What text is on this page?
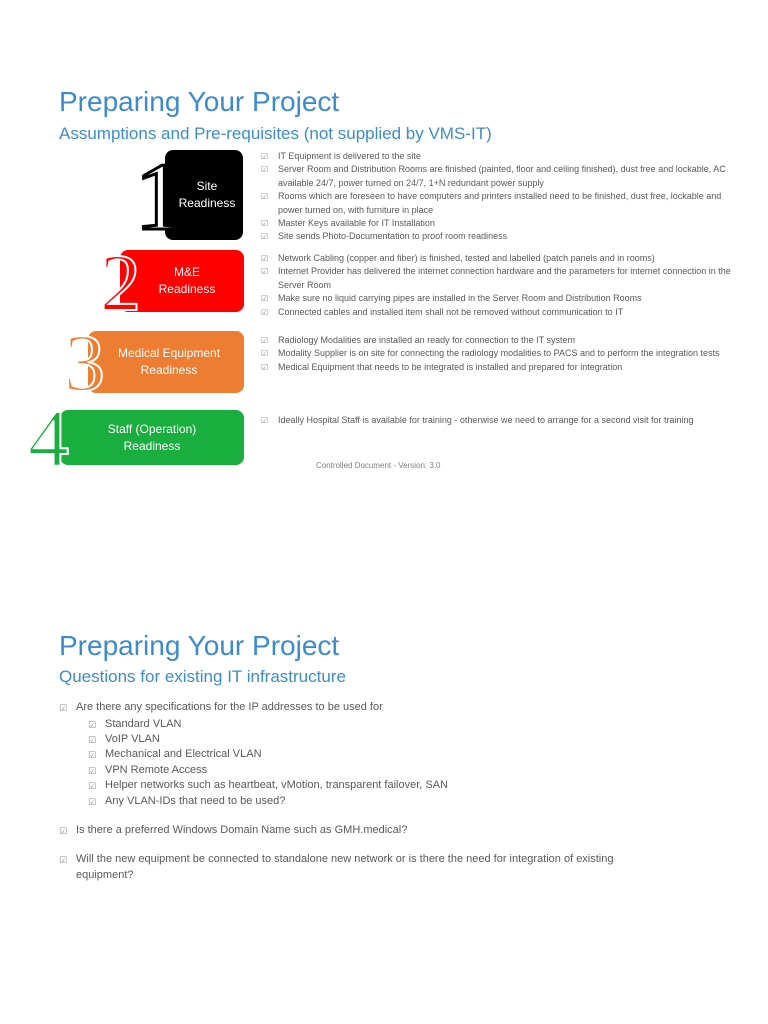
Preparing Your Project
Assumptions and Pre-requisites (not supplied by VMS-IT)
Site
Readiness
1
M&E
Readiness
2
Medical Equipment
Readiness
3
Staff (Operation)
Readiness
4
☑ IT Equipment is delivered to the site
☑ Server Room and Distribution Rooms are finished (painted, floor and ceiling finished), dust free and lockable, AC available 24/7, power turned on 24/7, 1+N redundant power supply
☑ Rooms which are foreseen to have computers and printers installed need to be finished, dust free, lockable and power turned on, with furniture in place
☑ Master Keys available for IT Installation
☑ Site sends Photo-Documentation to proof room readiness
☑ Network Cabling (copper and fiber) is finished, tested and labelled (patch panels and in rooms)
☑ Internet Provider has delivered the internet connection hardware and the parameters for internet connection in the Server Room
☑ Make sure no liquid carrying pipes are installed in the Server Room and Distribution Rooms
☑ Connected cables and installed item shall not be removed without communication to IT
☑ Radiology Modalities are installed an ready for connection to the IT system
☑ Modality Supplier is on site for connecting the radiology modalities to PACS and to perform the integration tests
☑ Medical Equipment that needs to be integrated is installed and prepared for integration
☑ Ideally Hospital Staff is available for training - otherwise we need to arrange for a second visit for training
Controlled Document - Version: 3.0
Preparing Your Project
Questions for existing IT infrastructure
☑ Are there any specifications for the IP addresses to be used for
☑ Standard VLAN
☑ VoIP VLAN
☑ Mechanical and Electrical VLAN
☑ VPN Remote Access
☑ Helper networks such as heartbeat, vMotion, transparent failover, SAN
☑ Any VLAN-IDs that need to be used?
☑ Is there a preferred Windows Domain Name such as GMH.medical?
☑ Will the new equipment be connected to standalone new network or is there the need for integration of existing equipment?
